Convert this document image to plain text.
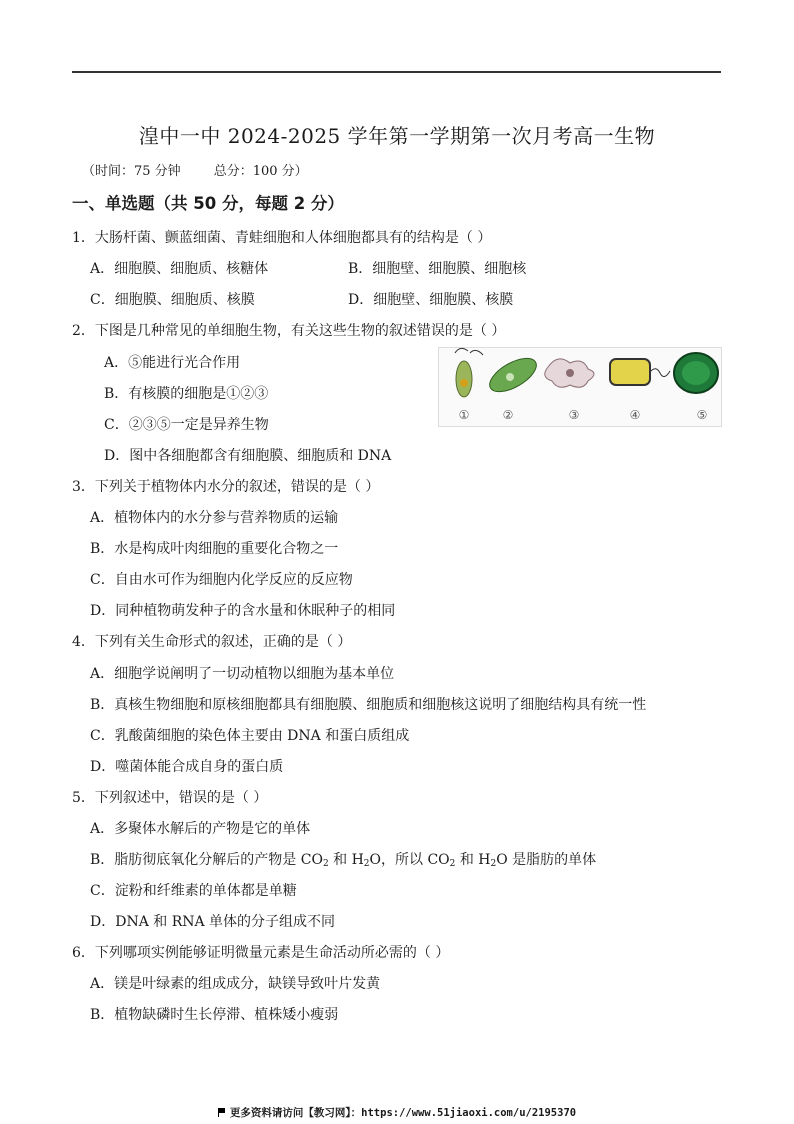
湟中一中 2024-2025 学年第一学期第一次月考高一生物
（时间：75 分钟        总分：100 分）
一、单选题（共 50 分，每题 2 分）
1．大肠杆菌、颤蓝细菌、青蛙细胞和人体细胞都具有的结构是（ ）
A．细胞膜、细胞质、核糖体	B．细胞壁、细胞膜、细胞核
C．细胞膜、细胞质、核膜	D．细胞壁、细胞膜、核膜
2．下图是几种常见的单细胞生物，有关这些生物的叙述错误的是（ ）
A．⑤能进行光合作用
B．有核膜的细胞是①②③
C．②③⑤一定是异养生物
D．图中各细胞都含有细胞膜、细胞质和 DNA
①	②	③	④	⑤
3．下列关于植物体内水分的叙述，错误的是（ ）
A．植物体内的水分参与营养物质的运输
B．水是构成叶肉细胞的重要化合物之一
C．自由水可作为细胞内化学反应的反应物
D．同种植物萌发种子的含水量和休眠种子的相同
4．下列有关生命形式的叙述，正确的是（ ）
A．细胞学说阐明了一切动植物以细胞为基本单位
B．真核生物细胞和原核细胞都具有细胞膜、细胞质和细胞核这说明了细胞结构具有统一性
C．乳酸菌细胞的染色体主要由 DNA 和蛋白质组成
D．噬菌体能合成自身的蛋白质
5．下列叙述中，错误的是（ ）
A．多聚体水解后的产物是它的单体
B．脂肪彻底氧化分解后的产物是 $CO_2$ 和 $H_2O$，所以 $CO_2$ 和 $H_2O$ 是脂肪的单体
C．淀粉和纤维素的单体都是单糖
D．DNA 和 RNA 单体的分子组成不同
6．下列哪项实例能够证明微量元素是生命活动所必需的（ ）
A．镁是叶绿素的组成成分，缺镁导致叶片发黄
B．植物缺磷时生长停滞、植株矮小瘦弱
更多资料请访问【教习网】：https://www.51jiaoxi.com/u/2195370
